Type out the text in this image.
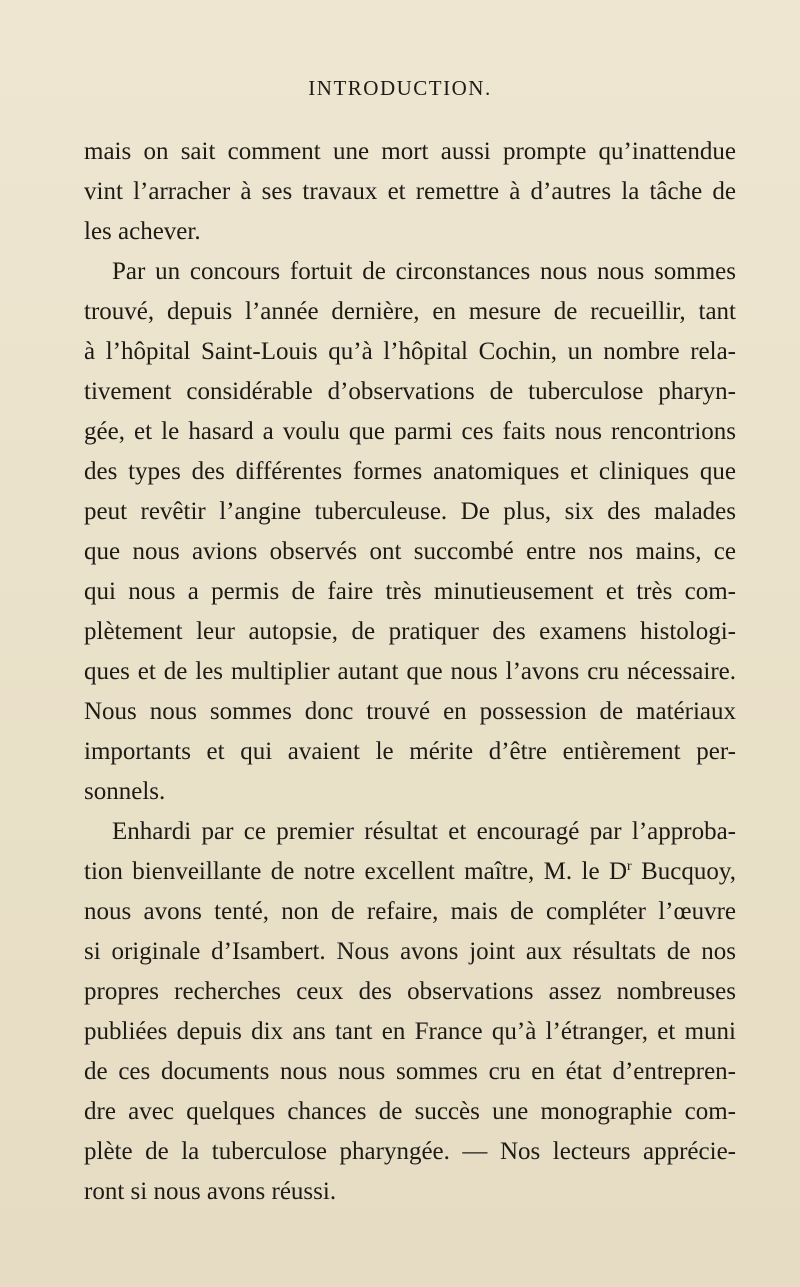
INTRODUCTION.
mais on sait comment une mort aussi prompte qu’inattendue
vint l’arracher à ses travaux et remettre à d’autres la tâche de
les achever.
Par un concours fortuit de circonstances nous nous sommes
trouvé, depuis l’année dernière, en mesure de recueillir, tant
à l’hôpital Saint-Louis qu’à l’hôpital Cochin, un nombre rela-
tivement considérable d’observations de tuberculose pharyn-
gée, et le hasard a voulu que parmi ces faits nous rencontrions
des types des différentes formes anatomiques et cliniques que
peut revêtir l’angine tuberculeuse. De plus, six des malades
que nous avions observés ont succombé entre nos mains, ce
qui nous a permis de faire très minutieusement et très com-
plètement leur autopsie, de pratiquer des examens histologi-
ques et de les multiplier autant que nous l’avons cru nécessaire.
Nous nous sommes donc trouvé en possession de matériaux
importants et qui avaient le mérite d’être entièrement per-
sonnels.
Enhardi par ce premier résultat et encouragé par l’approba-
tion bienveillante de notre excellent maître, M. le $D^r$ Bucquoy,
nous avons tenté, non de refaire, mais de compléter l’œuvre
si originale d’Isambert. Nous avons joint aux résultats de nos
propres recherches ceux des observations assez nombreuses
publiées depuis dix ans tant en France qu’à l’étranger, et muni
de ces documents nous nous sommes cru en état d’entrepren-
dre avec quelques chances de succès une monographie com-
plète de la tuberculose pharyngée. — Nos lecteurs apprécie-
ront si nous avons réussi.
